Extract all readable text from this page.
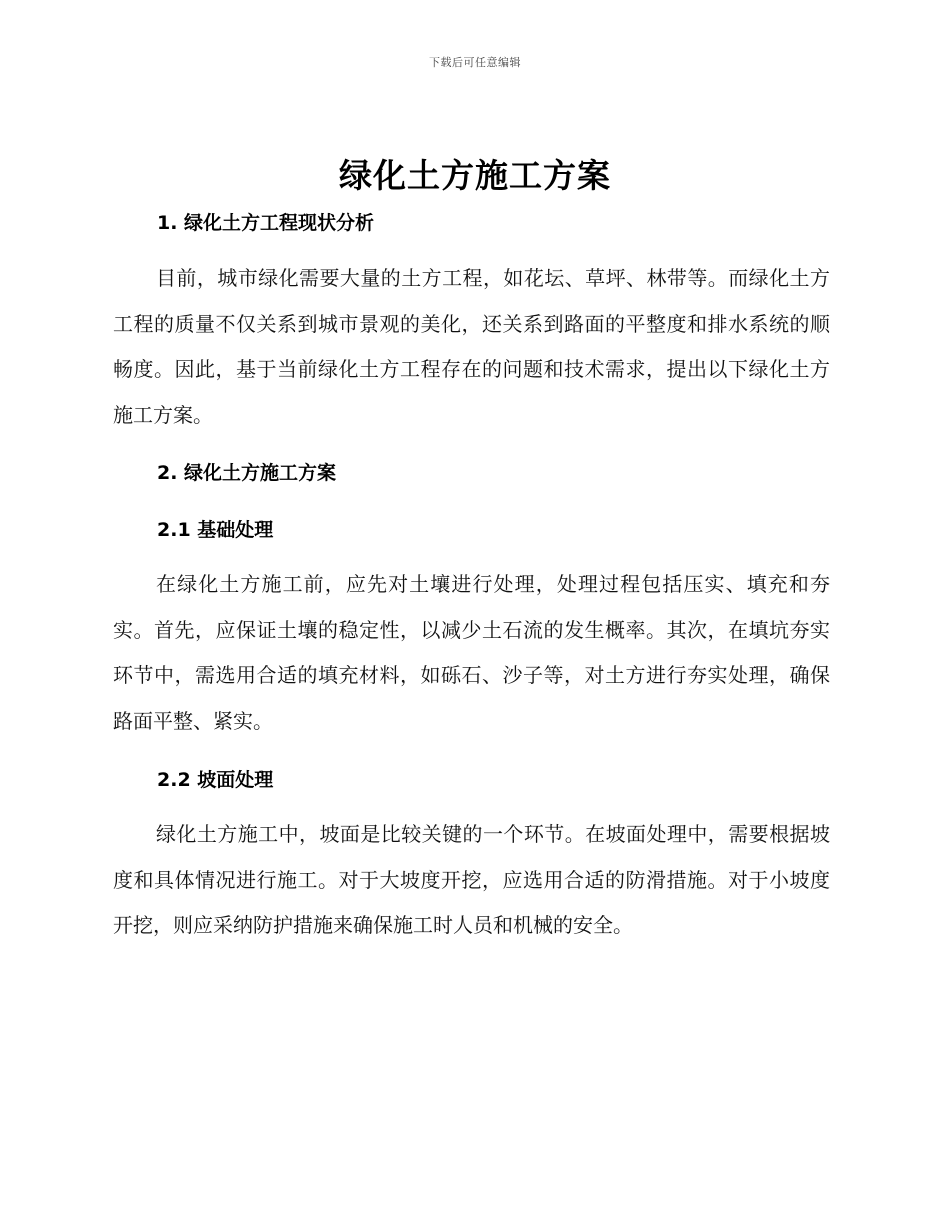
下载后可任意编辑
绿化土方施工方案
1. 绿化土方工程现状分析

目前，城市绿化需要大量的土方工程，如花坛、草坪、林带等。而绿化土方工程的质量不仅关系到城市景观的美化，还关系到路面的平整度和排水系统的顺畅度。因此，基于当前绿化土方工程存在的问题和技术需求，提出以下绿化土方施工方案。

2. 绿化土方施工方案
2.1 基础处理

在绿化土方施工前，应先对土壤进行处理，处理过程包括压实、填充和夯实。首先，应保证土壤的稳定性，以减少土石流的发生概率。其次，在填坑夯实环节中，需选用合适的填充材料，如砾石、沙子等，对土方进行夯实处理，确保路面平整、紧实。

2.2 坡面处理

绿化土方施工中，坡面是比较关键的一个环节。在坡面处理中，需要根据坡度和具体情况进行施工。对于大坡度开挖，应选用合适的防滑措施。对于小坡度开挖，则应采纳防护措施来确保施工时人员和机械的安全。
